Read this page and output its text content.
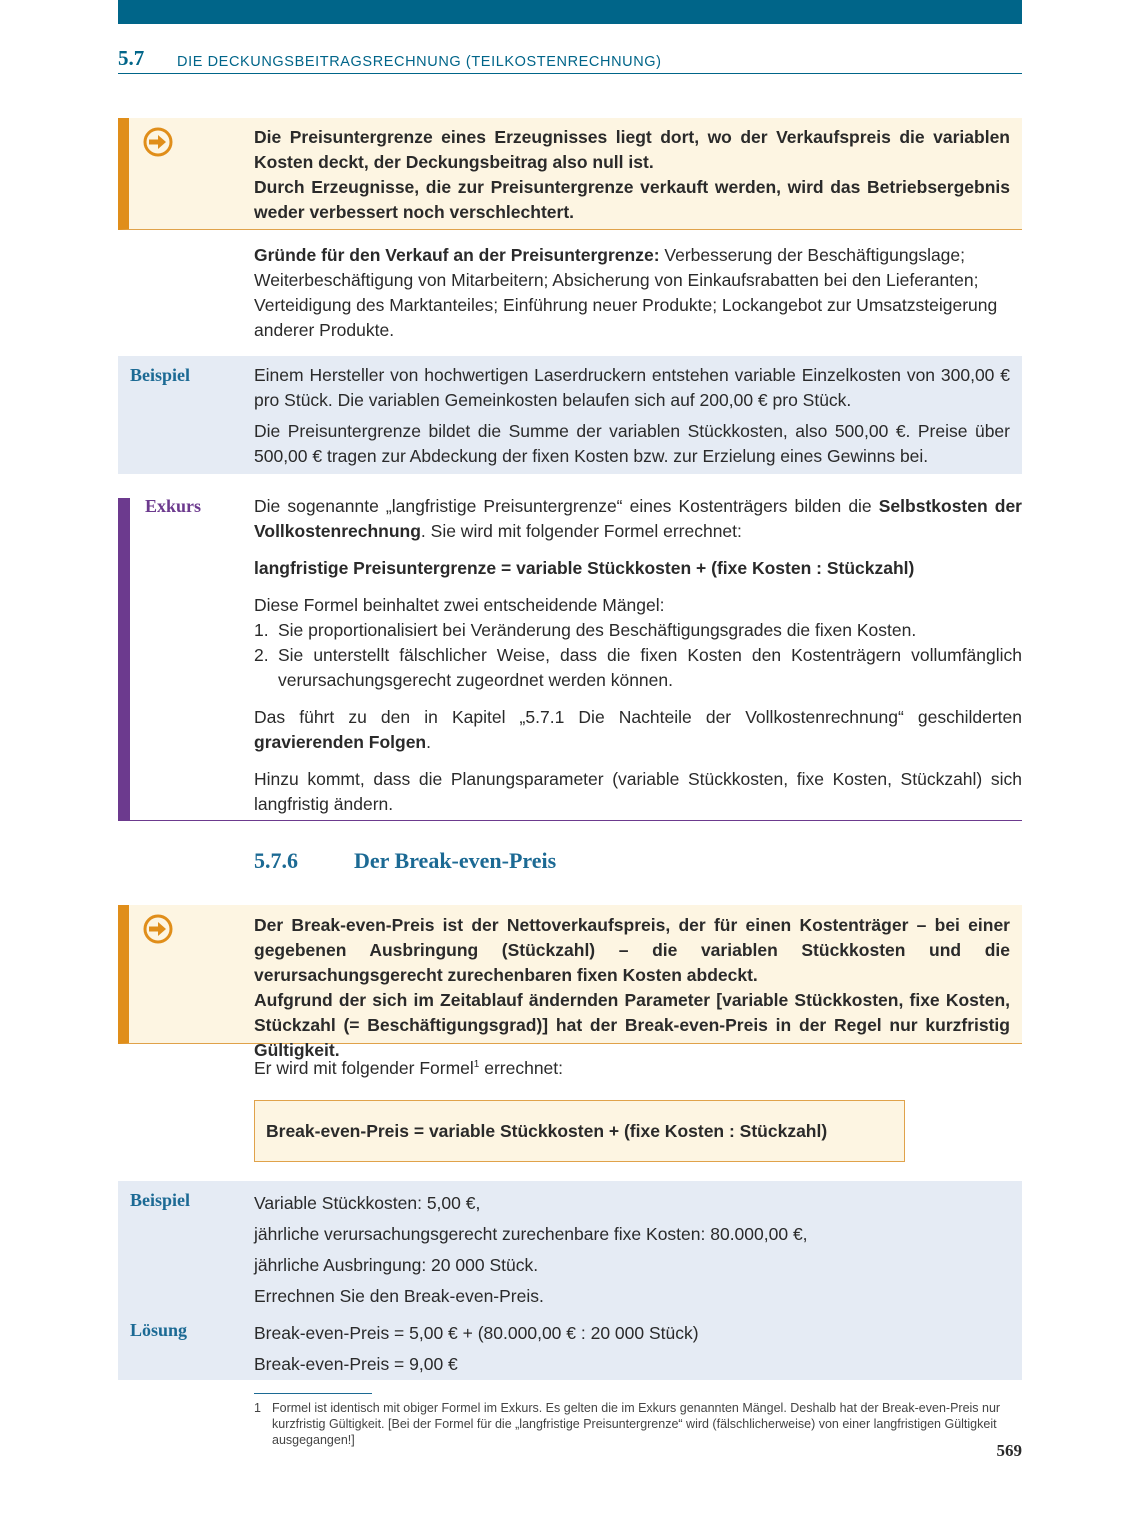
5.7 DIE DECKUNGSBEITRAGSRECHNUNG (TEILKOSTENRECHNUNG)

Die Preisuntergrenze eines Erzeugnisses liegt dort, wo der Verkaufspreis die variablen Kosten deckt, der Deckungsbeitrag also null ist.

Durch Erzeugnisse, die zur Preisuntergrenze verkauft werden, wird das Betriebsergebnis weder verbessert noch verschlechtert.

Gründe für den Verkauf an der Preisuntergrenze: Verbesserung der Beschäftigungslage; Weiterbeschäftigung von Mitarbeitern; Absicherung von Einkaufsrabatten bei den Lieferanten; Verteidigung des Marktanteiles; Einführung neuer Produkte; Lockangebot zur Umsatzsteigerung anderer Produkte.

Beispiel	Einem Hersteller von hochwertigen Laserdruckern entstehen variable Einzelkosten von 300,00 € pro Stück. Die variablen Gemeinkosten belaufen sich auf 200,00 € pro Stück.

Die Preisuntergrenze bildet die Summe der variablen Stückkosten, also 500,00 €. Preise über 500,00 € tragen zur Abdeckung der fixen Kosten bzw. zur Erzielung eines Gewinns bei.

Exkurs	Die sogenannte „langfristige Preisuntergrenze“ eines Kostenträgers bilden die Selbstkosten der Vollkostenrechnung. Sie wird mit folgender Formel errechnet:

langfristige Preisuntergrenze = variable Stückkosten + (fixe Kosten : Stückzahl)

Diese Formel beinhaltet zwei entscheidende Mängel:

1. Sie proportionalisiert bei Veränderung des Beschäftigungsgrades die fixen Kosten.
2. Sie unterstellt fälschlicher Weise, dass die fixen Kosten den Kostenträgern vollumfänglich verursachungsgerecht zugeordnet werden können.

Das führt zu den in Kapitel „5.7.1 Die Nachteile der Vollkostenrechnung“ geschilderten gravierenden Folgen.

Hinzu kommt, dass die Planungsparameter (variable Stückkosten, fixe Kosten, Stückzahl) sich langfristig ändern.

5.7.6	Der Break-even-Preis

Der Break-even-Preis ist der Nettoverkaufspreis, der für einen Kostenträger – bei einer gegebenen Ausbringung (Stückzahl) – die variablen Stückkosten und die verursachungsgerecht zurechenbaren fixen Kosten abdeckt.

Aufgrund der sich im Zeitablauf ändernden Parameter [variable Stückkosten, fixe Kosten, Stückzahl (= Beschäftigungsgrad)] hat der Break-even-Preis in der Regel nur kurzfristig Gültigkeit.

Er wird mit folgender Formel$^1$ errechnet:
Break-even-Preis = variable Stückkosten + (fixe Kosten : Stückzahl)
Beispiel	Variable Stückkosten: 5,00 €,

jährliche verursachungsgerecht zurechenbare fixe Kosten: 80.000,00 €,

jährliche Ausbringung: 20 000 Stück.

Errechnen Sie den Break-even-Preis.

Lösung	Break-even-Preis = 5,00 € + (80.000,00 € : 20 000 Stück)

Break-even-Preis = 9,00 €

1 Formel ist identisch mit obiger Formel im Exkurs. Es gelten die im Exkurs genannten Mängel. Deshalb hat der Break-even-Preis nur kurzfristig Gültigkeit. [Bei der Formel für die „langfristige Preisuntergrenze“ wird (fälschlicherweise) von einer langfristigen Gültigkeit ausgegangen!]
569
